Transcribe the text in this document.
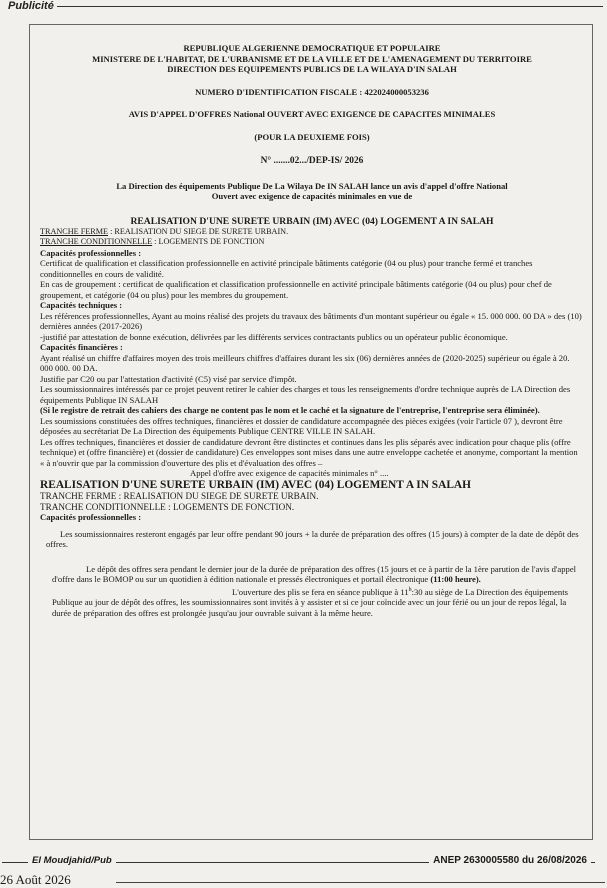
Publicité

REPUBLIQUE ALGERIENNE DEMOCRATIQUE ET POPULAIRE

MINISTERE DE L'HABITAT, DE L'URBANISME ET DE LA VILLE ET DE L'AMENAGEMENT DU TERRITOIRE

DIRECTION DES EQUIPEMENTS PUBLICS DE LA WILAYA D'IN SALAH

NUMERO D'IDENTIFICATION FISCALE : 422024000053236

AVIS D'APPEL D'OFFRES National OUVERT AVEC EXIGENCE DE CAPACITES MINIMALES

(POUR LA DEUXIEME FOIS)

N° .......02.../DEP-IS/ 2026

La Direction des équipements Publique De La Wilaya De IN SALAH lance un avis d'appel d'offre National

Ouvert avec exigence de capacités minimales en vue de

REALISATION D'UNE SURETE URBAIN (IM) AVEC (04) LOGEMENT A IN SALAH

TRANCHE FERME : REALISATION DU SIEGE DE SURETE URBAIN.

TRANCHE CONDITIONNELLE : LOGEMENTS DE FONCTION

Capacités professionnelles :

Certificat de qualification et classification professionnelle en activité principale bâtiments catégorie (04 ou plus) pour tranche fermé et tranches conditionnelles en cours de validité.

En cas de groupement : certificat de qualification et classification professionnelle en activité principale bâtiments catégorie (04 ou plus) pour chef de groupement, et catégorie (04 ou plus) pour les membres du groupement.

Capacités techniques :

Les références professionnelles, Ayant au moins réalisé des projets du travaux des bâtiments d'un montant supérieur ou égale « 15. 000 000. 00 DA » des (10) dernières années (2017-2026)

-justifié par attestation de bonne exécution, délivrées par les différents services contractants publics ou un opérateur public économique.

Capacités financières :

Ayant réalisé un chiffre d'affaires moyen des trois meilleurs chiffres d'affaires durant les six (06) dernières années de (2020-2025) supérieur ou égale à 20. 000 000. 00 DA.

Justifie par C20 ou par l'attestation d'activité (C5) visé par service d'impôt.

Les soumissionnaires intéressés par ce projet peuvent retirer le cahier des charges et tous les renseignements d'ordre technique auprès de LA Direction des équipements Publique IN SALAH

(Si le registre de retrait des cahiers des charge ne content pas le nom et le caché et la signature de l'entreprise, l'entreprise sera éliminée).

Les soumissions constituées des offres techniques, financières et dossier de candidature accompagnée des pièces exigées (voir l'article 07 ), devront être déposées au secrétariat De La Direction des équipements Publique CENTRE VILLE IN SALAH.

Les offres techniques, financières et dossier de candidature devront être distinctes et continues dans les plis séparés avec indication pour chaque plis (offre technique) et (offre financière) et (dossier de candidature) Ces enveloppes sont mises dans une autre enveloppe cachetée et anonyme, comportant la mention « à n'ouvrir que par la commission d'ouverture des plis et d'évaluation des offres –

Appel d'offre avec exigence de capacités minimales n° ....

REALISATION D'UNE SURETE URBAIN (IM) AVEC (04) LOGEMENT A IN SALAH

TRANCHE FERME : REALISATION DU SIEGE DE SURETE URBAIN.

TRANCHE CONDITIONNELLE : LOGEMENTS DE FONCTION.

Capacités professionnelles :

Les soumissionnaires resteront engagés par leur offre pendant 90 jours + la durée de préparation des offres (15 jours) à compter de la date de dépôt des offres.

Le dépôt des offres sera pendant le dernier jour de la durée de préparation des offres (15 jours et ce à partir de la 1ère parution de l'avis d'appel d'offre dans le BOMOP ou sur un quotidien à édition nationale et pressés électroniques et portail électronique (11:00 heure).

L'ouverture des plis se fera en séance publique à 11$^h$:30 au siège de La Direction des équipements Publique au jour de dépôt des offres, les soumissionnaires sont invités à y assister et si ce jour coïncide avec un jour férié ou un jour de repos légal, la durée de préparation des offres est prolongée jusqu'au jour ouvrable suivant à la même heure.

El Moudjahid/Pub	ANEP 2630005580 du 26/08/2026
26 Août 2026
